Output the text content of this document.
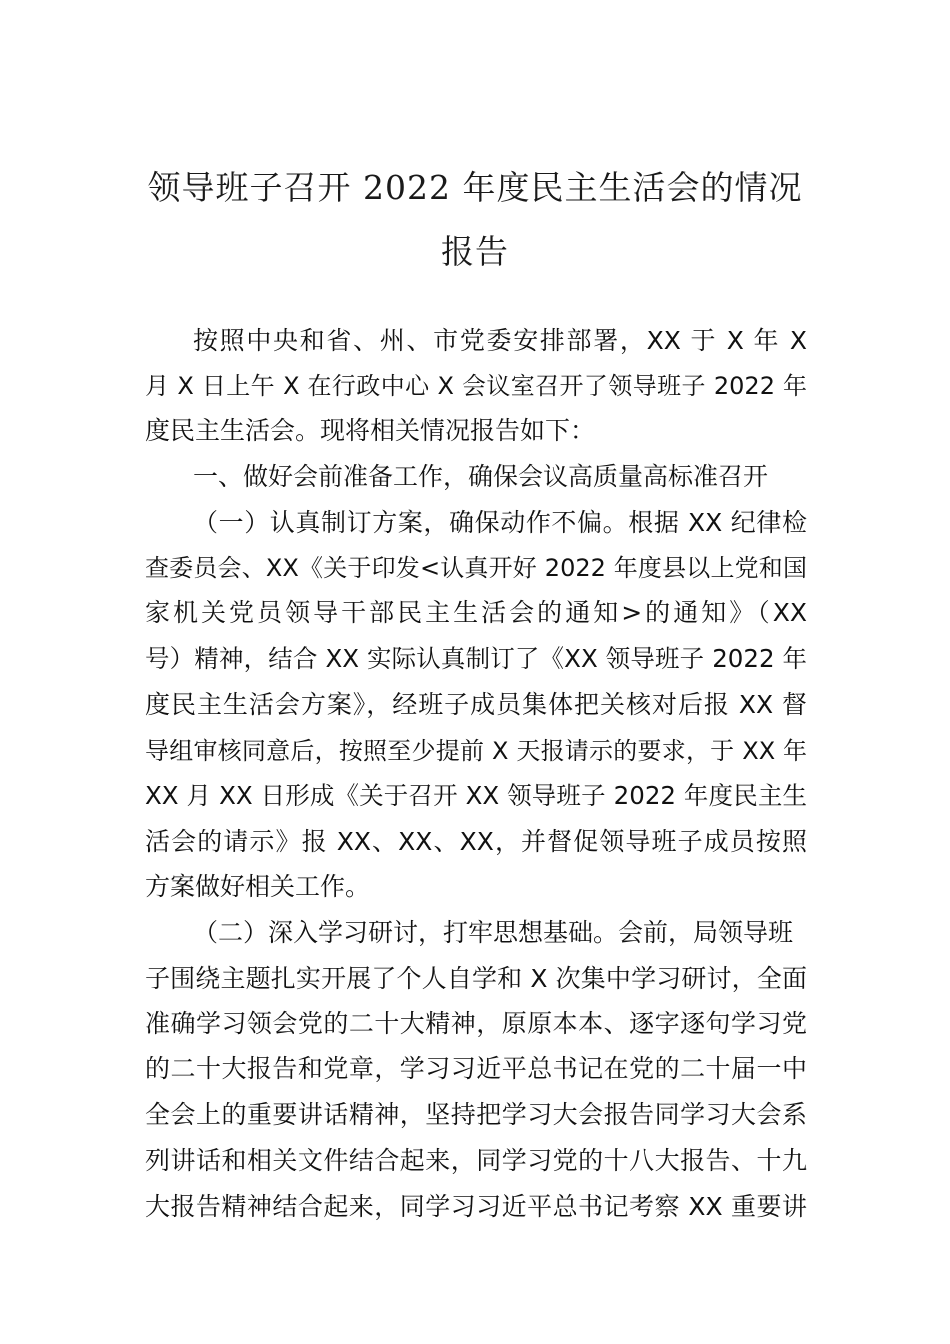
领导班子召开 2022 年度民主生活会的情况
报告
按照中央和省、州、市党委安排部署，XX 于 X 年 X
月 X 日上午 X 在行政中心 X 会议室召开了领导班子 2022 年
度民主生活会。现将相关情况报告如下：
一、做好会前准备工作，确保会议高质量高标准召开
（一）认真制订方案，确保动作不偏。根据 XX 纪律检
查委员会、XX《关于印发<认真开好 2022 年度县以上党和国
家机关党员领导干部民主生活会的通知>的通知》（XX
号）精神，结合 XX 实际认真制订了《XX 领导班子 2022 年
度民主生活会方案》，经班子成员集体把关核对后报 XX 督
导组审核同意后，按照至少提前 X 天报请示的要求，于 XX 年
XX 月 XX 日形成《关于召开 XX 领导班子 2022 年度民主生
活会的请示》报 XX、XX、XX，并督促领导班子成员按照
方案做好相关工作。
（二）深入学习研讨，打牢思想基础。会前，局领导班
子围绕主题扎实开展了个人自学和 X 次集中学习研讨，全面
准确学习领会党的二十大精神，原原本本、逐字逐句学习党
的二十大报告和党章，学习习近平总书记在党的二十届一中
全会上的重要讲话精神，坚持把学习大会报告同学习大会系
列讲话和相关文件结合起来，同学习党的十八大报告、十九
大报告精神结合起来，同学习习近平总书记考察 XX 重要讲
